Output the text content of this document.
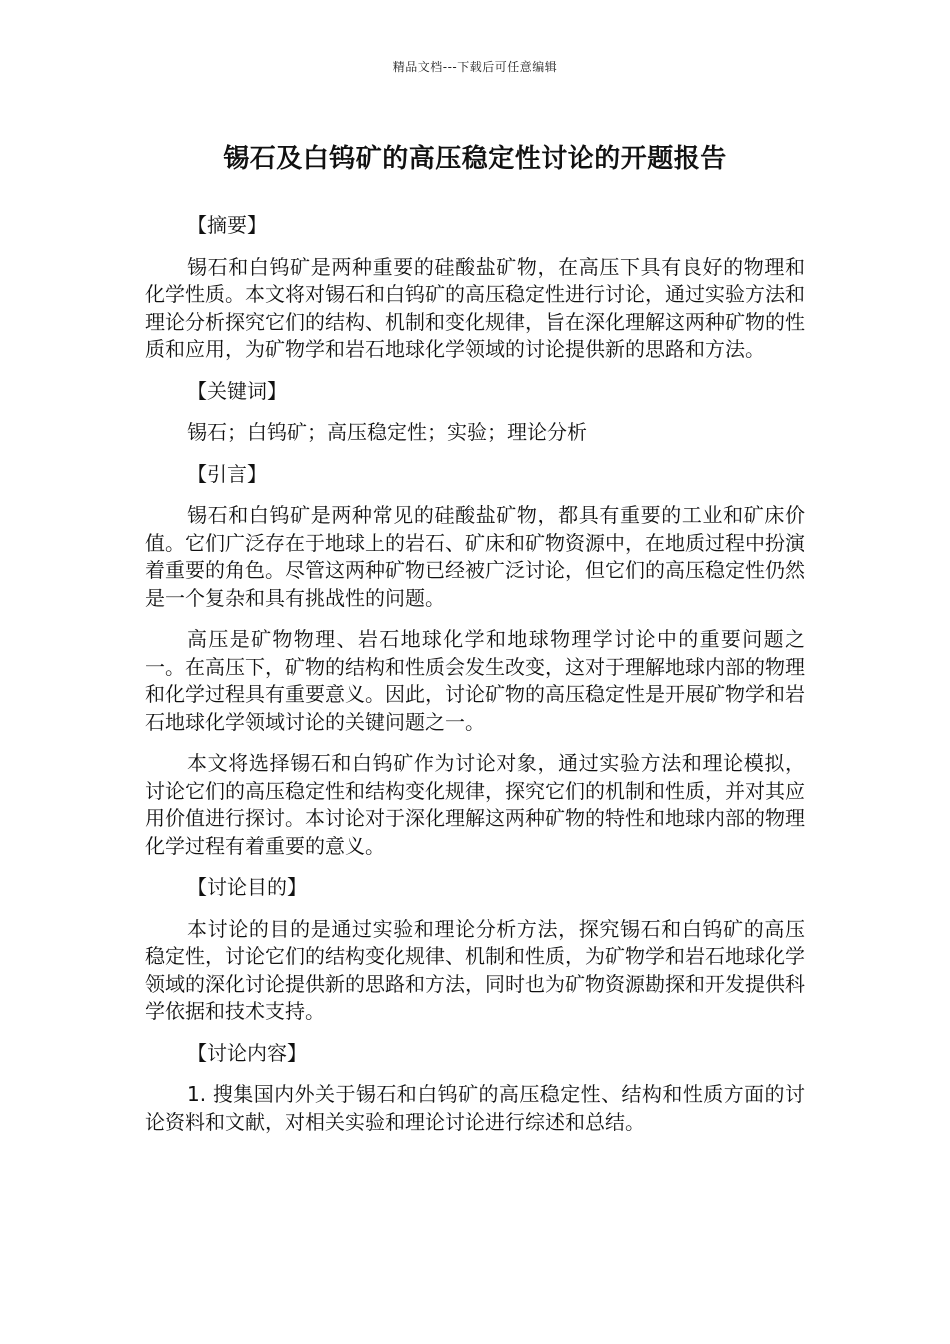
精品文档---下载后可任意编辑
锡石及白钨矿的高压稳定性讨论的开题报告
【摘要】
锡石和白钨矿是两种重要的硅酸盐矿物，在高压下具有良好的物理和化学性质。本文将对锡石和白钨矿的高压稳定性进行讨论，通过实验方法和理论分析探究它们的结构、机制和变化规律，旨在深化理解这两种矿物的性质和应用，为矿物学和岩石地球化学领域的讨论提供新的思路和方法。
【关键词】
锡石；白钨矿；高压稳定性；实验；理论分析
【引言】
锡石和白钨矿是两种常见的硅酸盐矿物，都具有重要的工业和矿床价值。它们广泛存在于地球上的岩石、矿床和矿物资源中，在地质过程中扮演着重要的角色。尽管这两种矿物已经被广泛讨论，但它们的高压稳定性仍然是一个复杂和具有挑战性的问题。
高压是矿物物理、岩石地球化学和地球物理学讨论中的重要问题之一。在高压下，矿物的结构和性质会发生改变，这对于理解地球内部的物理和化学过程具有重要意义。因此，讨论矿物的高压稳定性是开展矿物学和岩石地球化学领域讨论的关键问题之一。
本文将选择锡石和白钨矿作为讨论对象，通过实验方法和理论模拟，讨论它们的高压稳定性和结构变化规律，探究它们的机制和性质，并对其应用价值进行探讨。本讨论对于深化理解这两种矿物的特性和地球内部的物理化学过程有着重要的意义。
【讨论目的】
本讨论的目的是通过实验和理论分析方法，探究锡石和白钨矿的高压稳定性，讨论它们的结构变化规律、机制和性质，为矿物学和岩石地球化学领域的深化讨论提供新的思路和方法，同时也为矿物资源勘探和开发提供科学依据和技术支持。
【讨论内容】
1. 搜集国内外关于锡石和白钨矿的高压稳定性、结构和性质方面的讨论资料和文献，对相关实验和理论讨论进行综述和总结。
